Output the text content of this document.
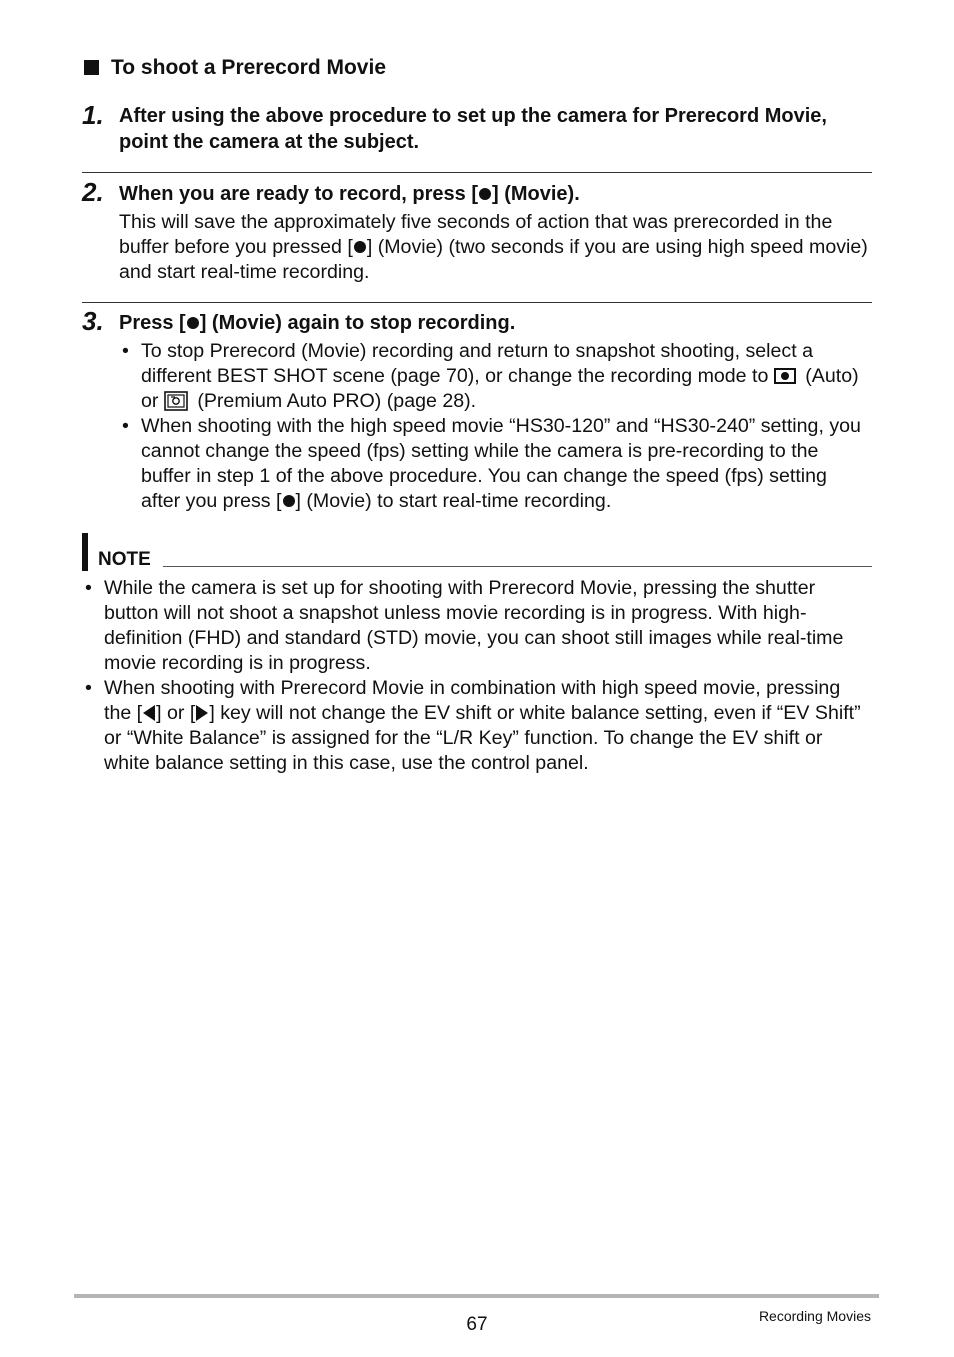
To shoot a Prerecord Movie
1. After using the above procedure to set up the camera for Prerecord Movie, point the camera at the subject.
2. When you are ready to record, press [ ] (Movie).
This will save the approximately five seconds of action that was prerecorded in the buffer before you pressed [ ] (Movie) (two seconds if you are using high speed movie) and start real-time recording.
3. Press [ ] (Movie) again to stop recording.
• To stop Prerecord (Movie) recording and return to snapshot shooting, select a different BEST SHOT scene (page 70), or change the recording mode to  (Auto) or  (Premium Auto PRO) (page 28).
• When shooting with the high speed movie “HS30-120” and “HS30-240” setting, you cannot change the speed (fps) setting while the camera is pre-recording to the buffer in step 1 of the above procedure. You can change the speed (fps) setting after you press [ ] (Movie) to start real-time recording.
NOTE
• While the camera is set up for shooting with Prerecord Movie, pressing the shutter button will not shoot a snapshot unless movie recording is in progress. With high-definition (FHD) and standard (STD) movie, you can shoot still images while real-time movie recording is in progress.
• When shooting with Prerecord Movie in combination with high speed movie, pressing the [ ] or [ ] key will not change the EV shift or white balance setting, even if “EV Shift” or “White Balance” is assigned for the “L/R Key” function. To change the EV shift or white balance setting in this case, use the control panel.
67	Recording Movies
